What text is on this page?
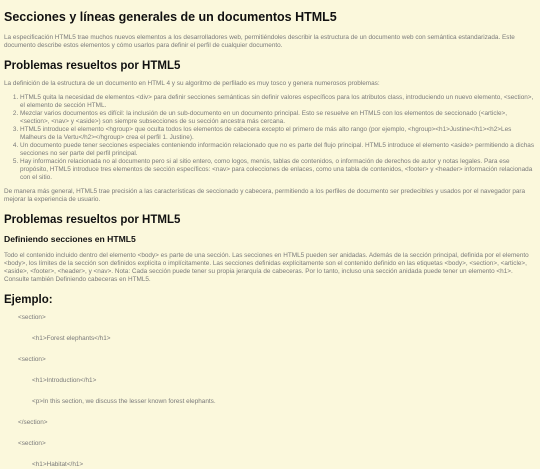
Secciones y líneas generales de un documentos HTML5

La especificación HTML5 trae muchos nuevos elementos a los desarrolladores web, permitiéndoles describir la estructura de un documento web con semántica estandarizada. Este documento describe estos elementos y cómo usarlos para definir el perfil de cualquier documento.

Problemas resueltos por HTML5

La definición de la estructura de un documento en HTML 4 y su algoritmo de perfilado es muy tosco y genera numerosos problemas:

1. HTML5 quita la necesidad de elementos <div> para definir secciones semánticas sin definir valores específicos para los atributos class, introduciendo un nuevo elemento, <section>, el elemento de sección HTML.
2. Mezclar varios documentos es difícil: la inclusión de un sub-documento en un documento principal. Esto se resuelve en HTML5 con los elementos de seccionado (<article>, <section>, <nav> y <aside>) son siempre subsecciones de su sección ancestra más cercana.
3. HTML5 introduce el elemento <hgroup> que oculta todos los elementos de cabecera excepto el primero de más alto rango (por ejemplo, <hgroup><h1>Justine</h1><h2>Les Malheurs de la Vertu</h2></hgroup> crea el perfil 1. Justine).
4. Un documento puede tener secciones especiales conteniendo información relacionado que no es parte del flujo principal. HTML5 introduce el elemento <aside> permitiendo a dichas secciones no ser parte del perfil principal.
5. Hay información relacionada no al documento pero si al sitio entero, como logos, menús, tablas de contenidos, o información de derechos de autor y notas legales. Para ese propósito, HTML5 introduce tres elementos de sección específicos: <nav> para colecciones de enlaces, como una tabla de contenidos, <footer> y <header> información relacionada con el sitio.

De manera más general, HTML5 trae precisión a las características de seccionado y cabecera, permitiendo a los perfiles de documento ser predecibles y usados por el navegador para mejorar la experiencia de usuario.

Problemas resueltos por HTML5
Definiendo secciones en HTML5

Todo el contenido incluido dentro del elemento <body> es parte de una sección. Las secciones en HTML5 pueden ser anidadas. Además de la sección principal, definida por el elemento <body>, los límites de la sección son definidos explícita o implícitamente. Las secciones definidas explícitamente son el contenido definido en las etiquetas <body>, <section>, <article>, <aside>, <footer>, <header>, y <nav>. Nota: Cada sección puede tener su propia jerarquía de cabeceras. Por lo tanto, incluso una sección anidada puede tener un elemento <h1>. Consulte también Definiendo cabeceras en HTML5.

Ejemplo:
<section>
<h1>Forest elephants</h1>
<section>
<h1>Introduction</h1>
<p>In this section, we discuss the lesser known forest elephants.
</section>
<section>
<h1>Habitat</h1>
